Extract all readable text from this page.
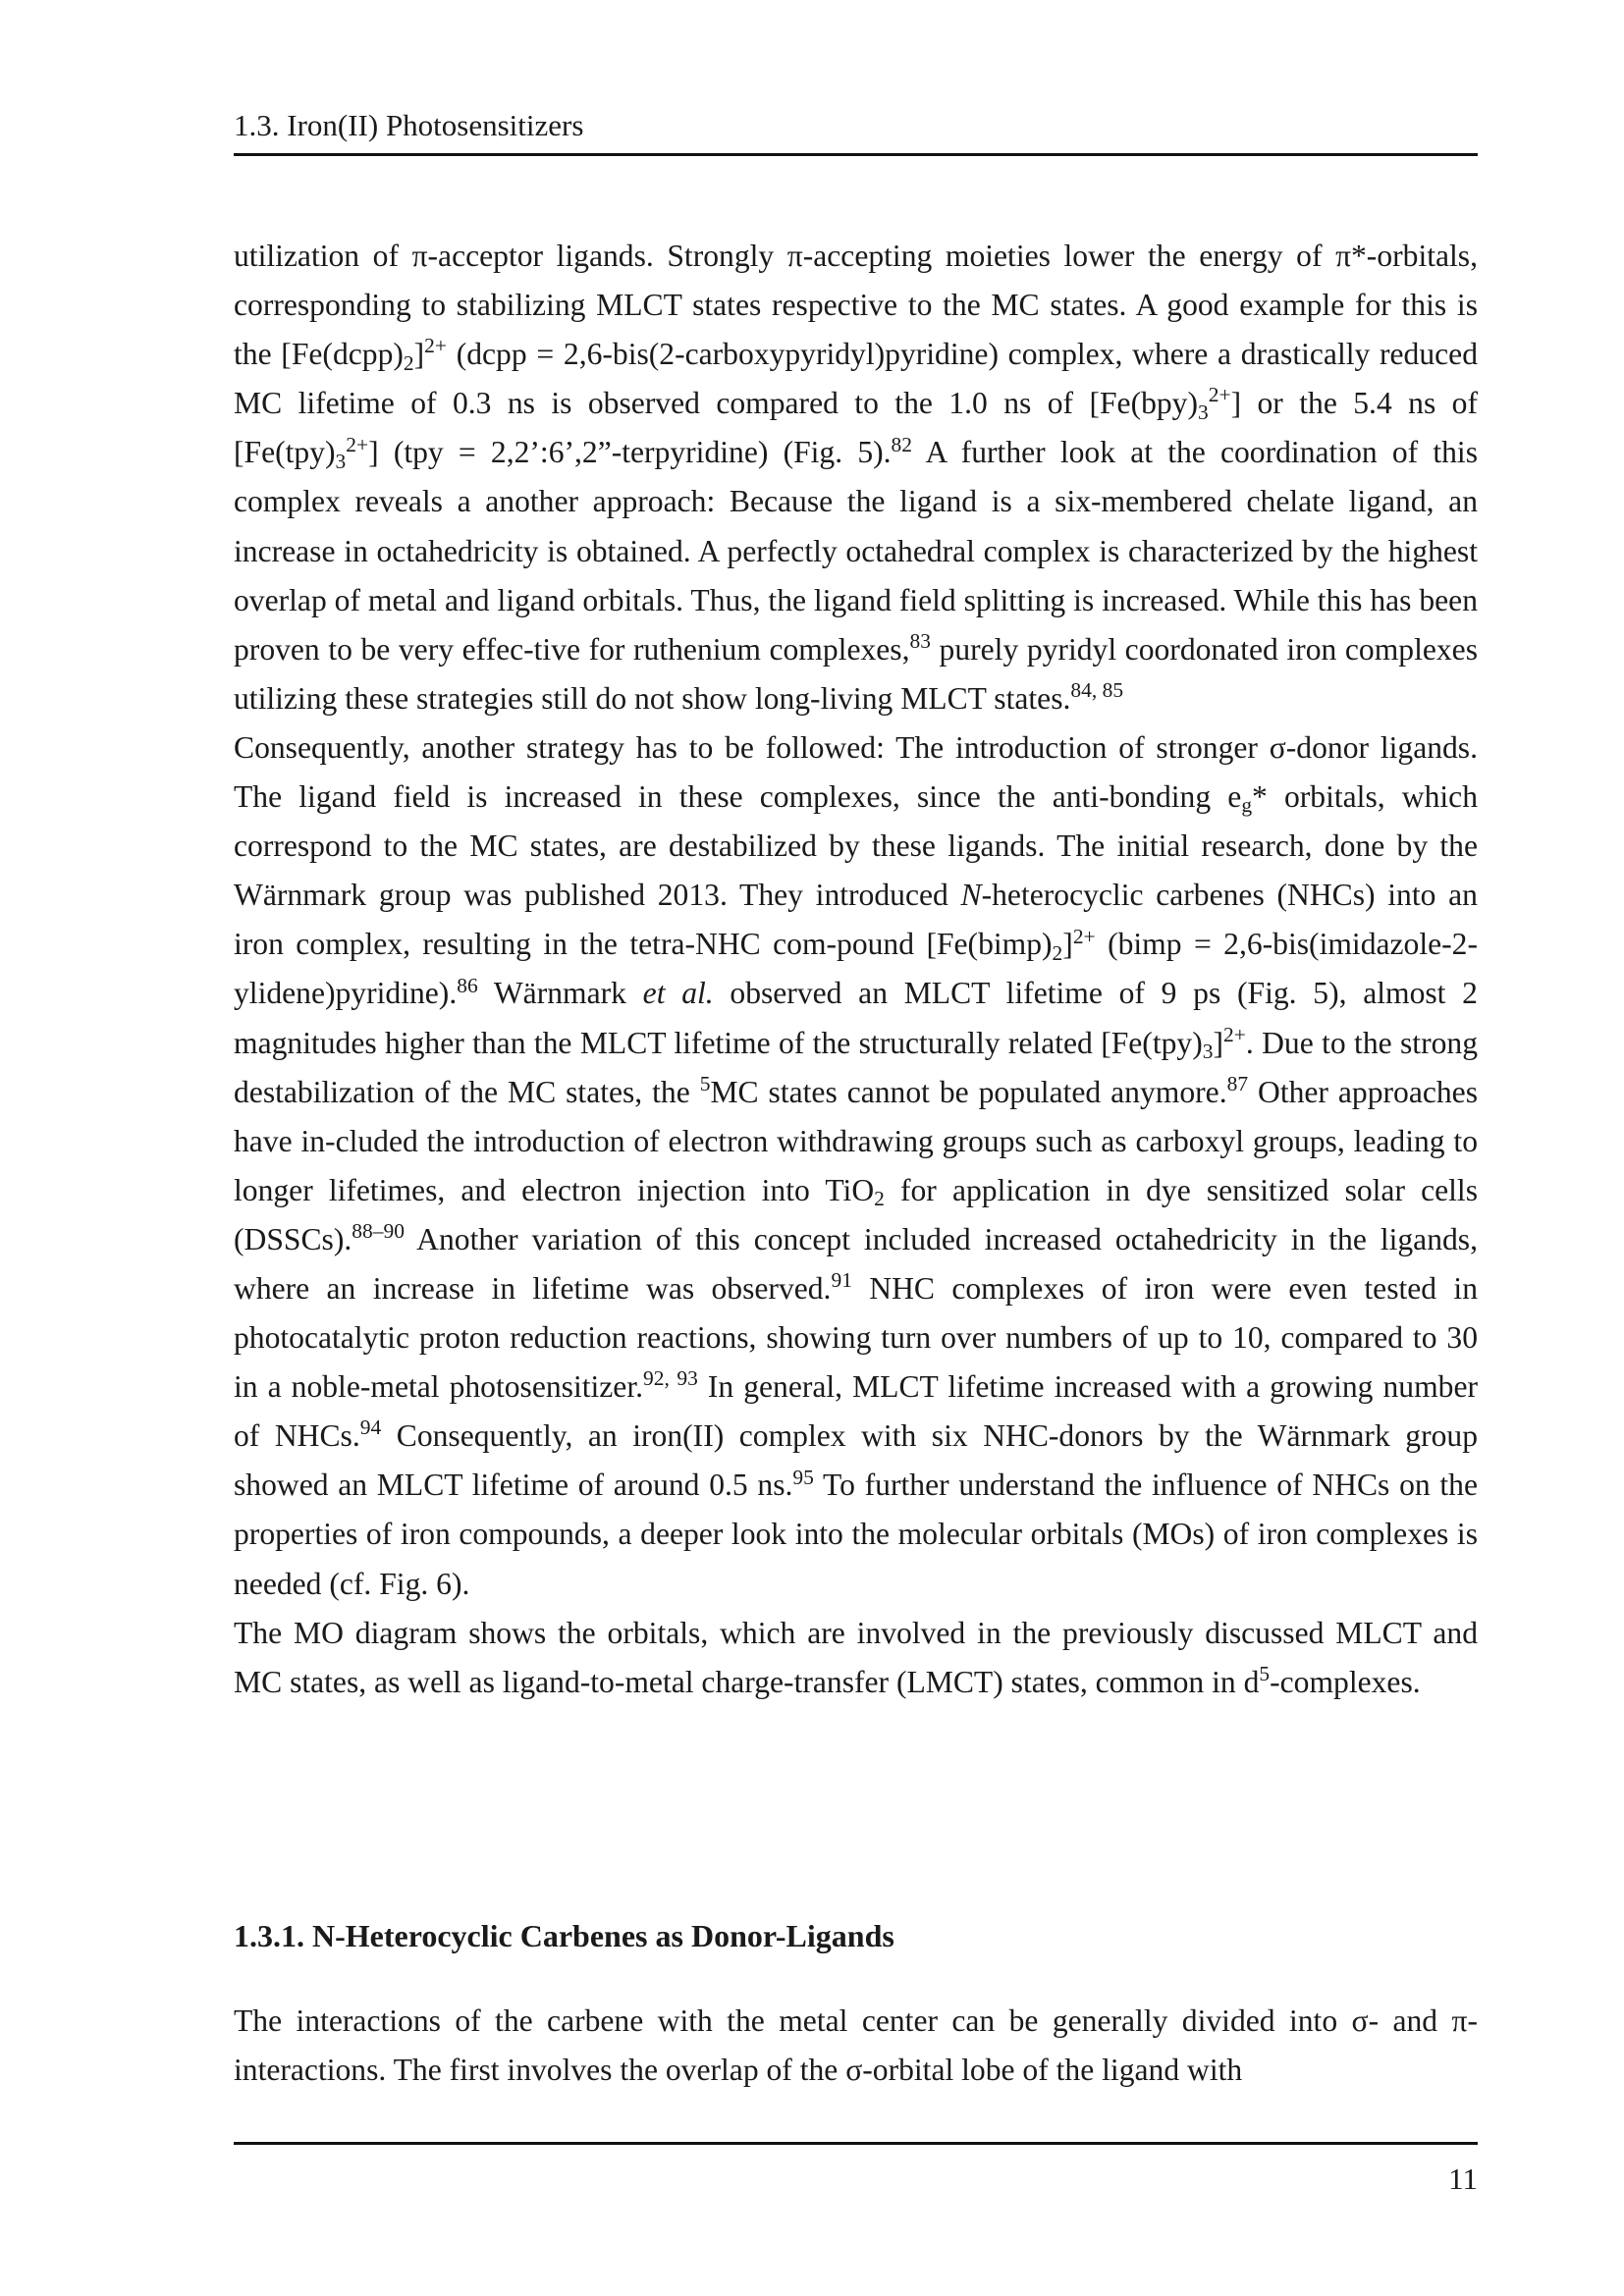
1.3. Iron(II) Photosensitizers

utilization of π-acceptor ligands. Strongly π-accepting moieties lower the energy of π*-orbitals, corresponding to stabilizing MLCT states respective to the MC states. A good example for this is the $[Fe(dcpp)_2]^{2+}$ (dcpp = 2,6-bis(2-carboxypyridyl)pyridine) complex, where a drastically reduced MC lifetime of 0.3 ns is observed compared to the 1.0 ns of $[Fe(bpy)_3^{2+}]$ or the 5.4 ns of $[Fe(tpy)_3^{2+}] (tpy$ = 2,2’:6’,2”-terpyridine) (Fig. 5).$^{82}$ A further look at the coordination of this complex reveals a another approach: Because the ligand is a six-membered chelate ligand, an increase in octahedricity is obtained. A perfectly octahedral complex is characterized by the highest overlap of metal and ligand orbitals. Thus, the ligand field splitting is increased. While this has been proven to be very effec-tive for ruthenium complexes,$^{83}$ purely pyridyl coordonated iron complexes utilizing these strategies still do not show long-living MLCT states.$^{84, 85}$

Consequently, another strategy has to be followed: The introduction of stronger σ-donor ligands. The ligand field is increased in these complexes, since the anti-bonding $e_g*$ orbitals, which correspond to the MC states, are destabilized by these ligands. The initial research, done by the Wärnmark group was published 2013. They introduced N-heterocyclic carbenes (NHCs) into an iron complex, resulting in the tetra-NHC com-pound $[Fe(bimp)_2]^{2+}$ (bimp = 2,6-bis(imidazole-2-ylidene)pyridine).$^{86}$ Wärnmark et al. observed an MLCT lifetime of 9 ps (Fig. 5), almost 2 magnitudes higher than the MLCT lifetime of the structurally related $[Fe(tpy)_3]^{2+}$. Due to the strong destabilization of the MC states, the $^5$MC states cannot be populated anymore.$^{87}$ Other approaches have in-cluded the introduction of electron withdrawing groups such as carboxyl groups, leading to longer lifetimes, and electron injection into TiO$_2$ for application in dye sensitized solar cells (DSSCs).$^{88-90}$ Another variation of this concept included increased octahedricity in the ligands, where an increase in lifetime was observed.$^{91}$ NHC complexes of iron were even tested in photocatalytic proton reduction reactions, showing turn over numbers of up to 10, compared to 30 in a noble-metal photosensitizer.$^{92, 93}$ In general, MLCT lifetime increased with a growing number of NHCs.$^{94}$ Consequently, an iron(II) complex with six NHC-donors by the Wärnmark group showed an MLCT lifetime of around 0.5 ns.$^{95}$ To further understand the influence of NHCs on the properties of iron compounds, a deeper look into the molecular orbitals (MOs) of iron complexes is needed (cf. Fig. 6).

The MO diagram shows the orbitals, which are involved in the previously discussed MLCT and MC states, as well as ligand-to-metal charge-transfer (LMCT) states, common in $d^5$-complexes.

1.3.1. N-Heterocyclic Carbenes as Donor-Ligands
The interactions of the carbene with the metal center can be generally divided into σ- and π-interactions. The first involves the overlap of the σ-orbital lobe of the ligand with
11
